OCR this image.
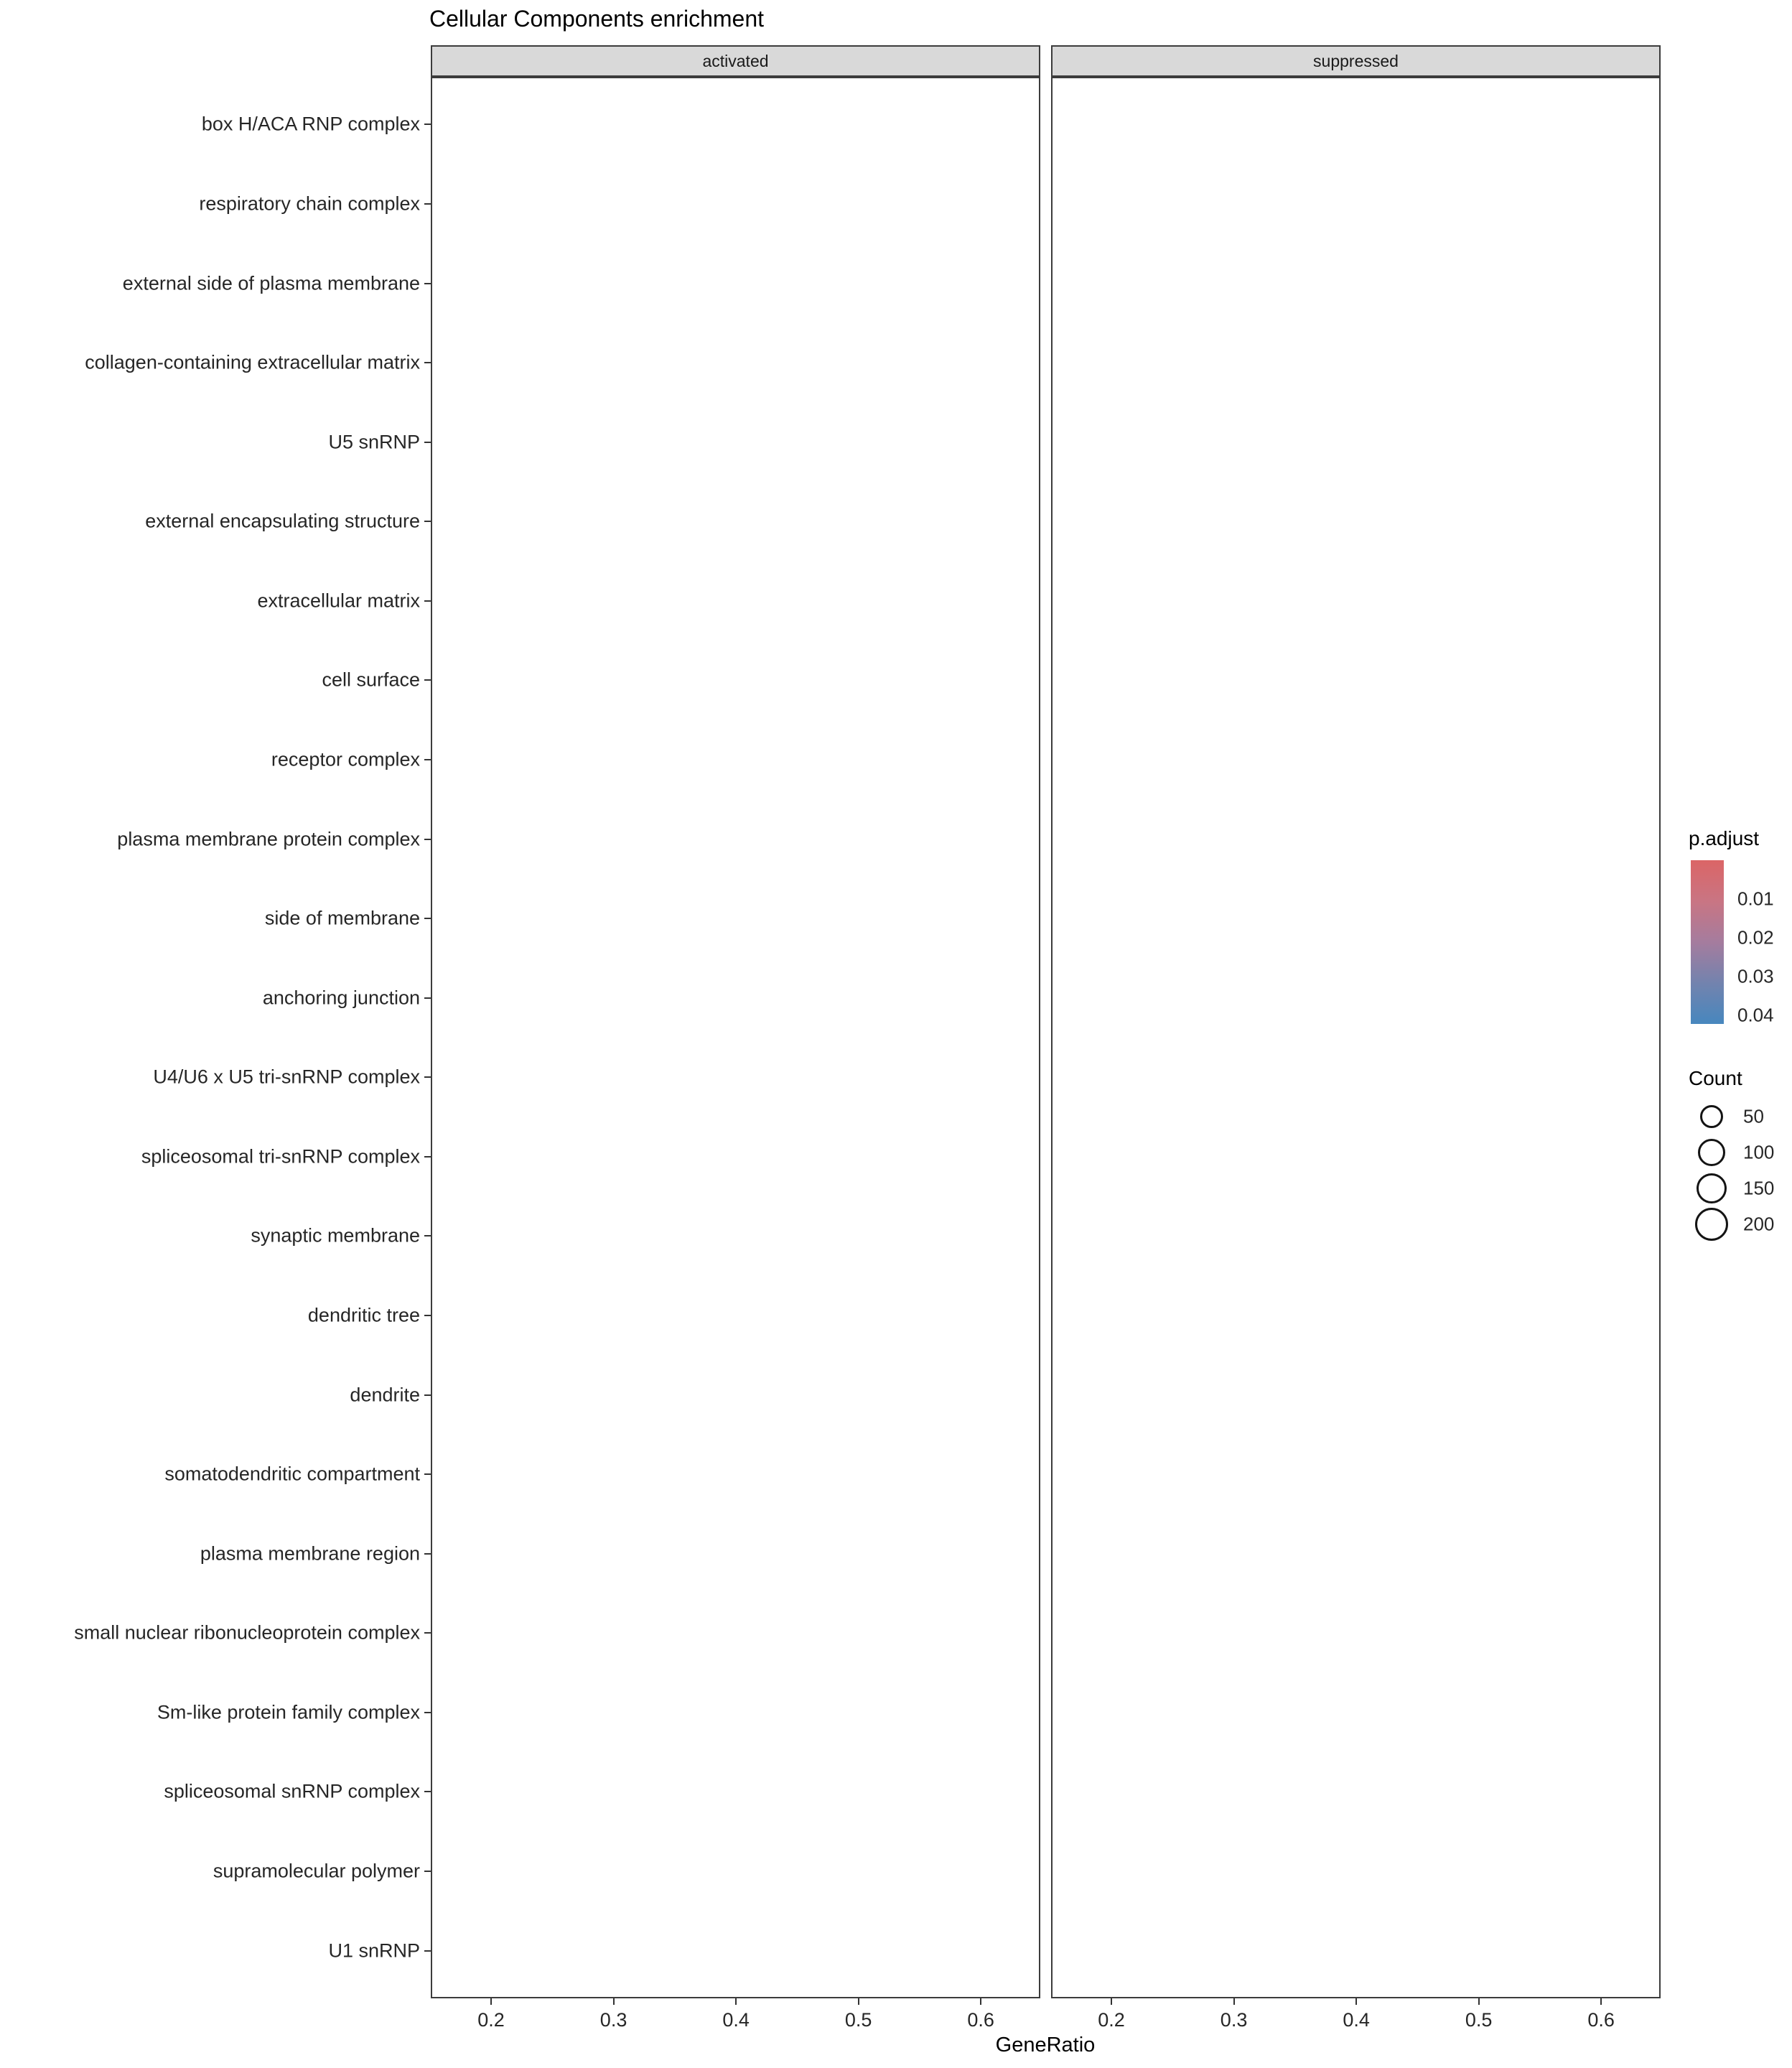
Cellular Components enrichment
activated	suppressed
0.2	0.3	0.4	0.5	0.6	0.2	0.3	0.4	0.5	0.6
box H/ACA RNP complex
respiratory chain complex
external side of plasma membrane
collagen-containing extracellular matrix
U5 snRNP
external encapsulating structure
extracellular matrix
cell surface
receptor complex
plasma membrane protein complex
side of membrane
anchoring junction
U4/U6 x U5 tri-snRNP complex
spliceosomal tri-snRNP complex
synaptic membrane
dendritic tree
dendrite
somatodendritic compartment
plasma membrane region
small nuclear ribonucleoprotein complex
Sm-like protein family complex
spliceosomal snRNP complex
supramolecular polymer
U1 snRNP
0.01
0.02
0.03
0.04
50
100
150
200
GeneRatio
p.adjust
Count
